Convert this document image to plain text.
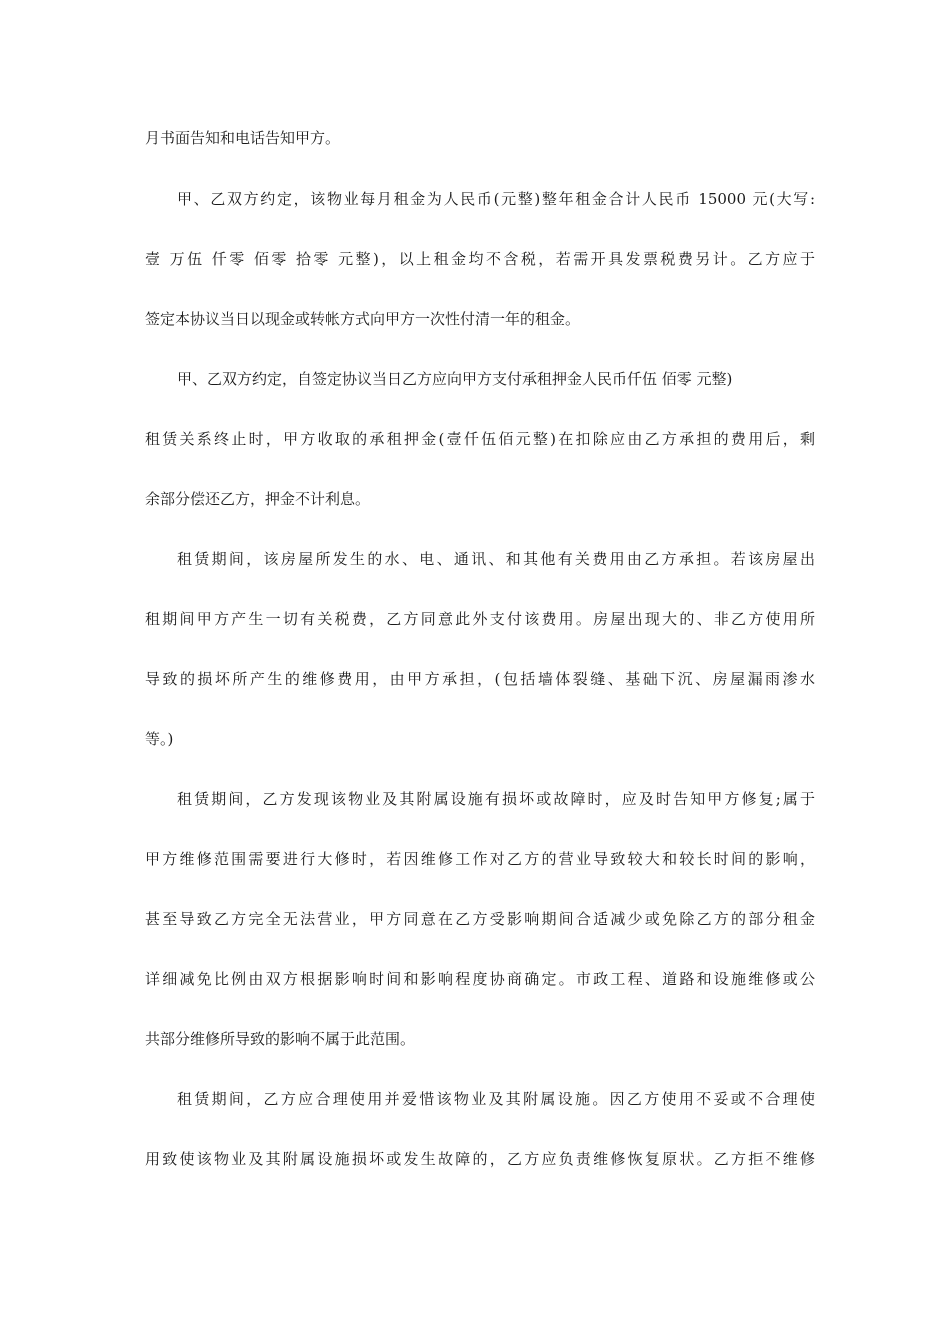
月书面告知和电话告知甲方。
甲、乙双方约定，该物业每月租金为人民币(元整)整年租金合计人民币 15000 元(大写:
壹 万伍 仟零 佰零 拾零 元整)，以上租金均不含税，若需开具发票税费另计。乙方应于
签定本协议当日以现金或转帐方式向甲方一次性付清一年的租金。
甲、乙双方约定，自签定协议当日乙方应向甲方支付承租押金人民币仟伍 佰零 元整)
租赁关系终止时，甲方收取的承租押金(壹仟伍佰元整)在扣除应由乙方承担的费用后，剩
余部分偿还乙方，押金不计利息。
租赁期间，该房屋所发生的水、电、通讯、和其他有关费用由乙方承担。若该房屋出
租期间甲方产生一切有关税费，乙方同意此外支付该费用。房屋出现大的、非乙方使用所
导致的损坏所产生的维修费用，由甲方承担，(包括墙体裂缝、基础下沉、房屋漏雨渗水
等。)
租赁期间，乙方发现该物业及其附属设施有损坏或故障时，应及时告知甲方修复;属于
甲方维修范围需要进行大修时，若因维修工作对乙方的营业导致较大和较长时间的影响，
甚至导致乙方完全无法营业，甲方同意在乙方受影响期间合适减少或免除乙方的部分租金
详细减免比例由双方根据影响时间和影响程度协商确定。市政工程、道路和设施维修或公
共部分维修所导致的影响不属于此范围。
租赁期间，乙方应合理使用并爱惜该物业及其附属设施。因乙方使用不妥或不合理使
用致使该物业及其附属设施损坏或发生故障的，乙方应负责维修恢复原状。乙方拒不维修
